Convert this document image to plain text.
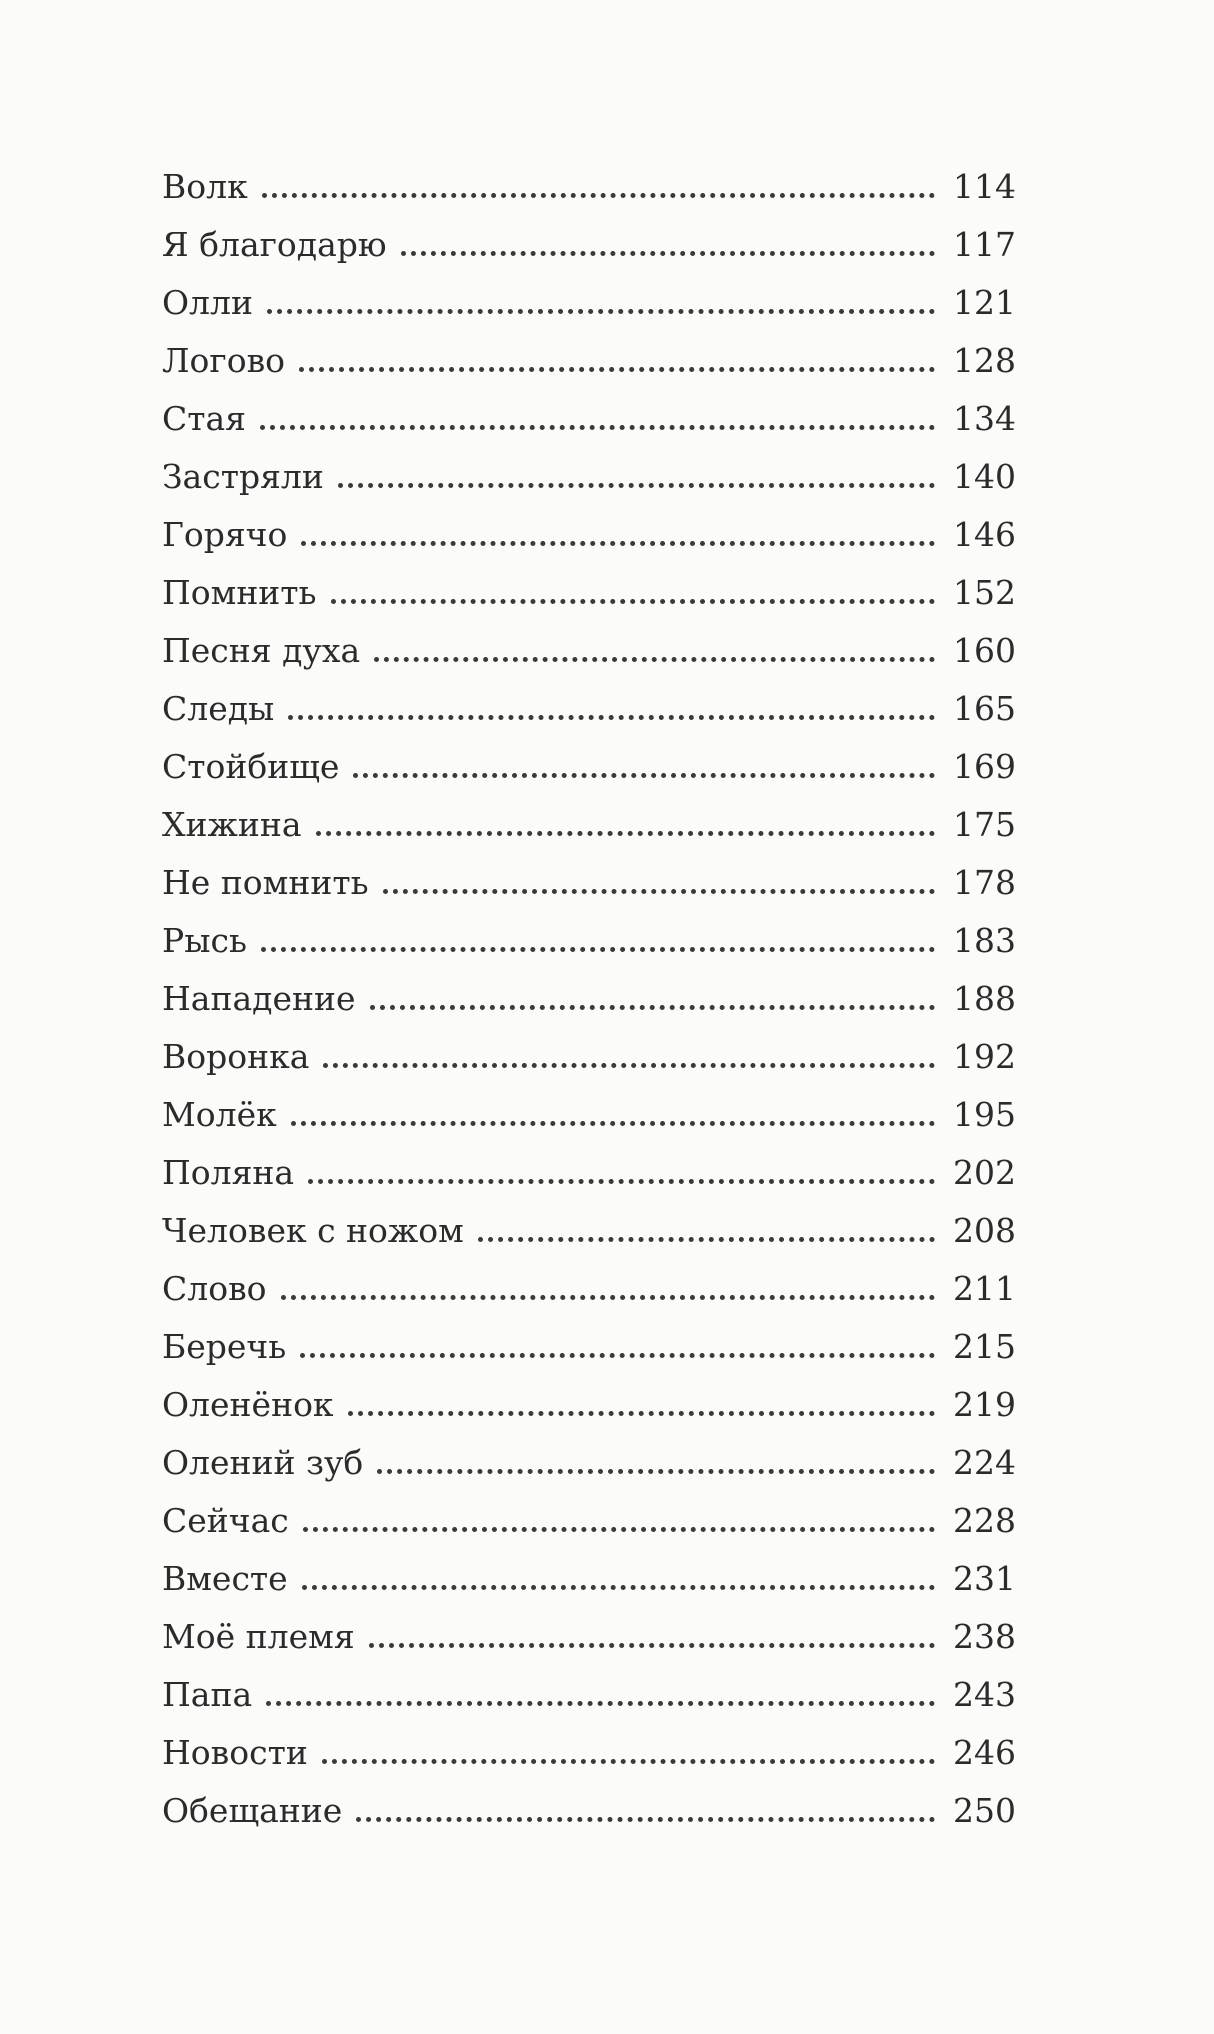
Волк	114
Я благодарю	117
Олли	121
Логово	128
Стая	134
Застряли	140
Горячо	146
Помнить	152
Песня духа	160
Следы	165
Стойбище	169
Хижина	175
Не помнить	178
Рысь	183
Нападение	188
Воронка	192
Молёк	195
Поляна	202
Человек с ножом	208
Слово	211
Беречь	215
Оленёнок	219
Олений зуб	224
Сейчас	228
Вместе	231
Моё племя	238
Папа	243
Новости	246
Обещание	250
